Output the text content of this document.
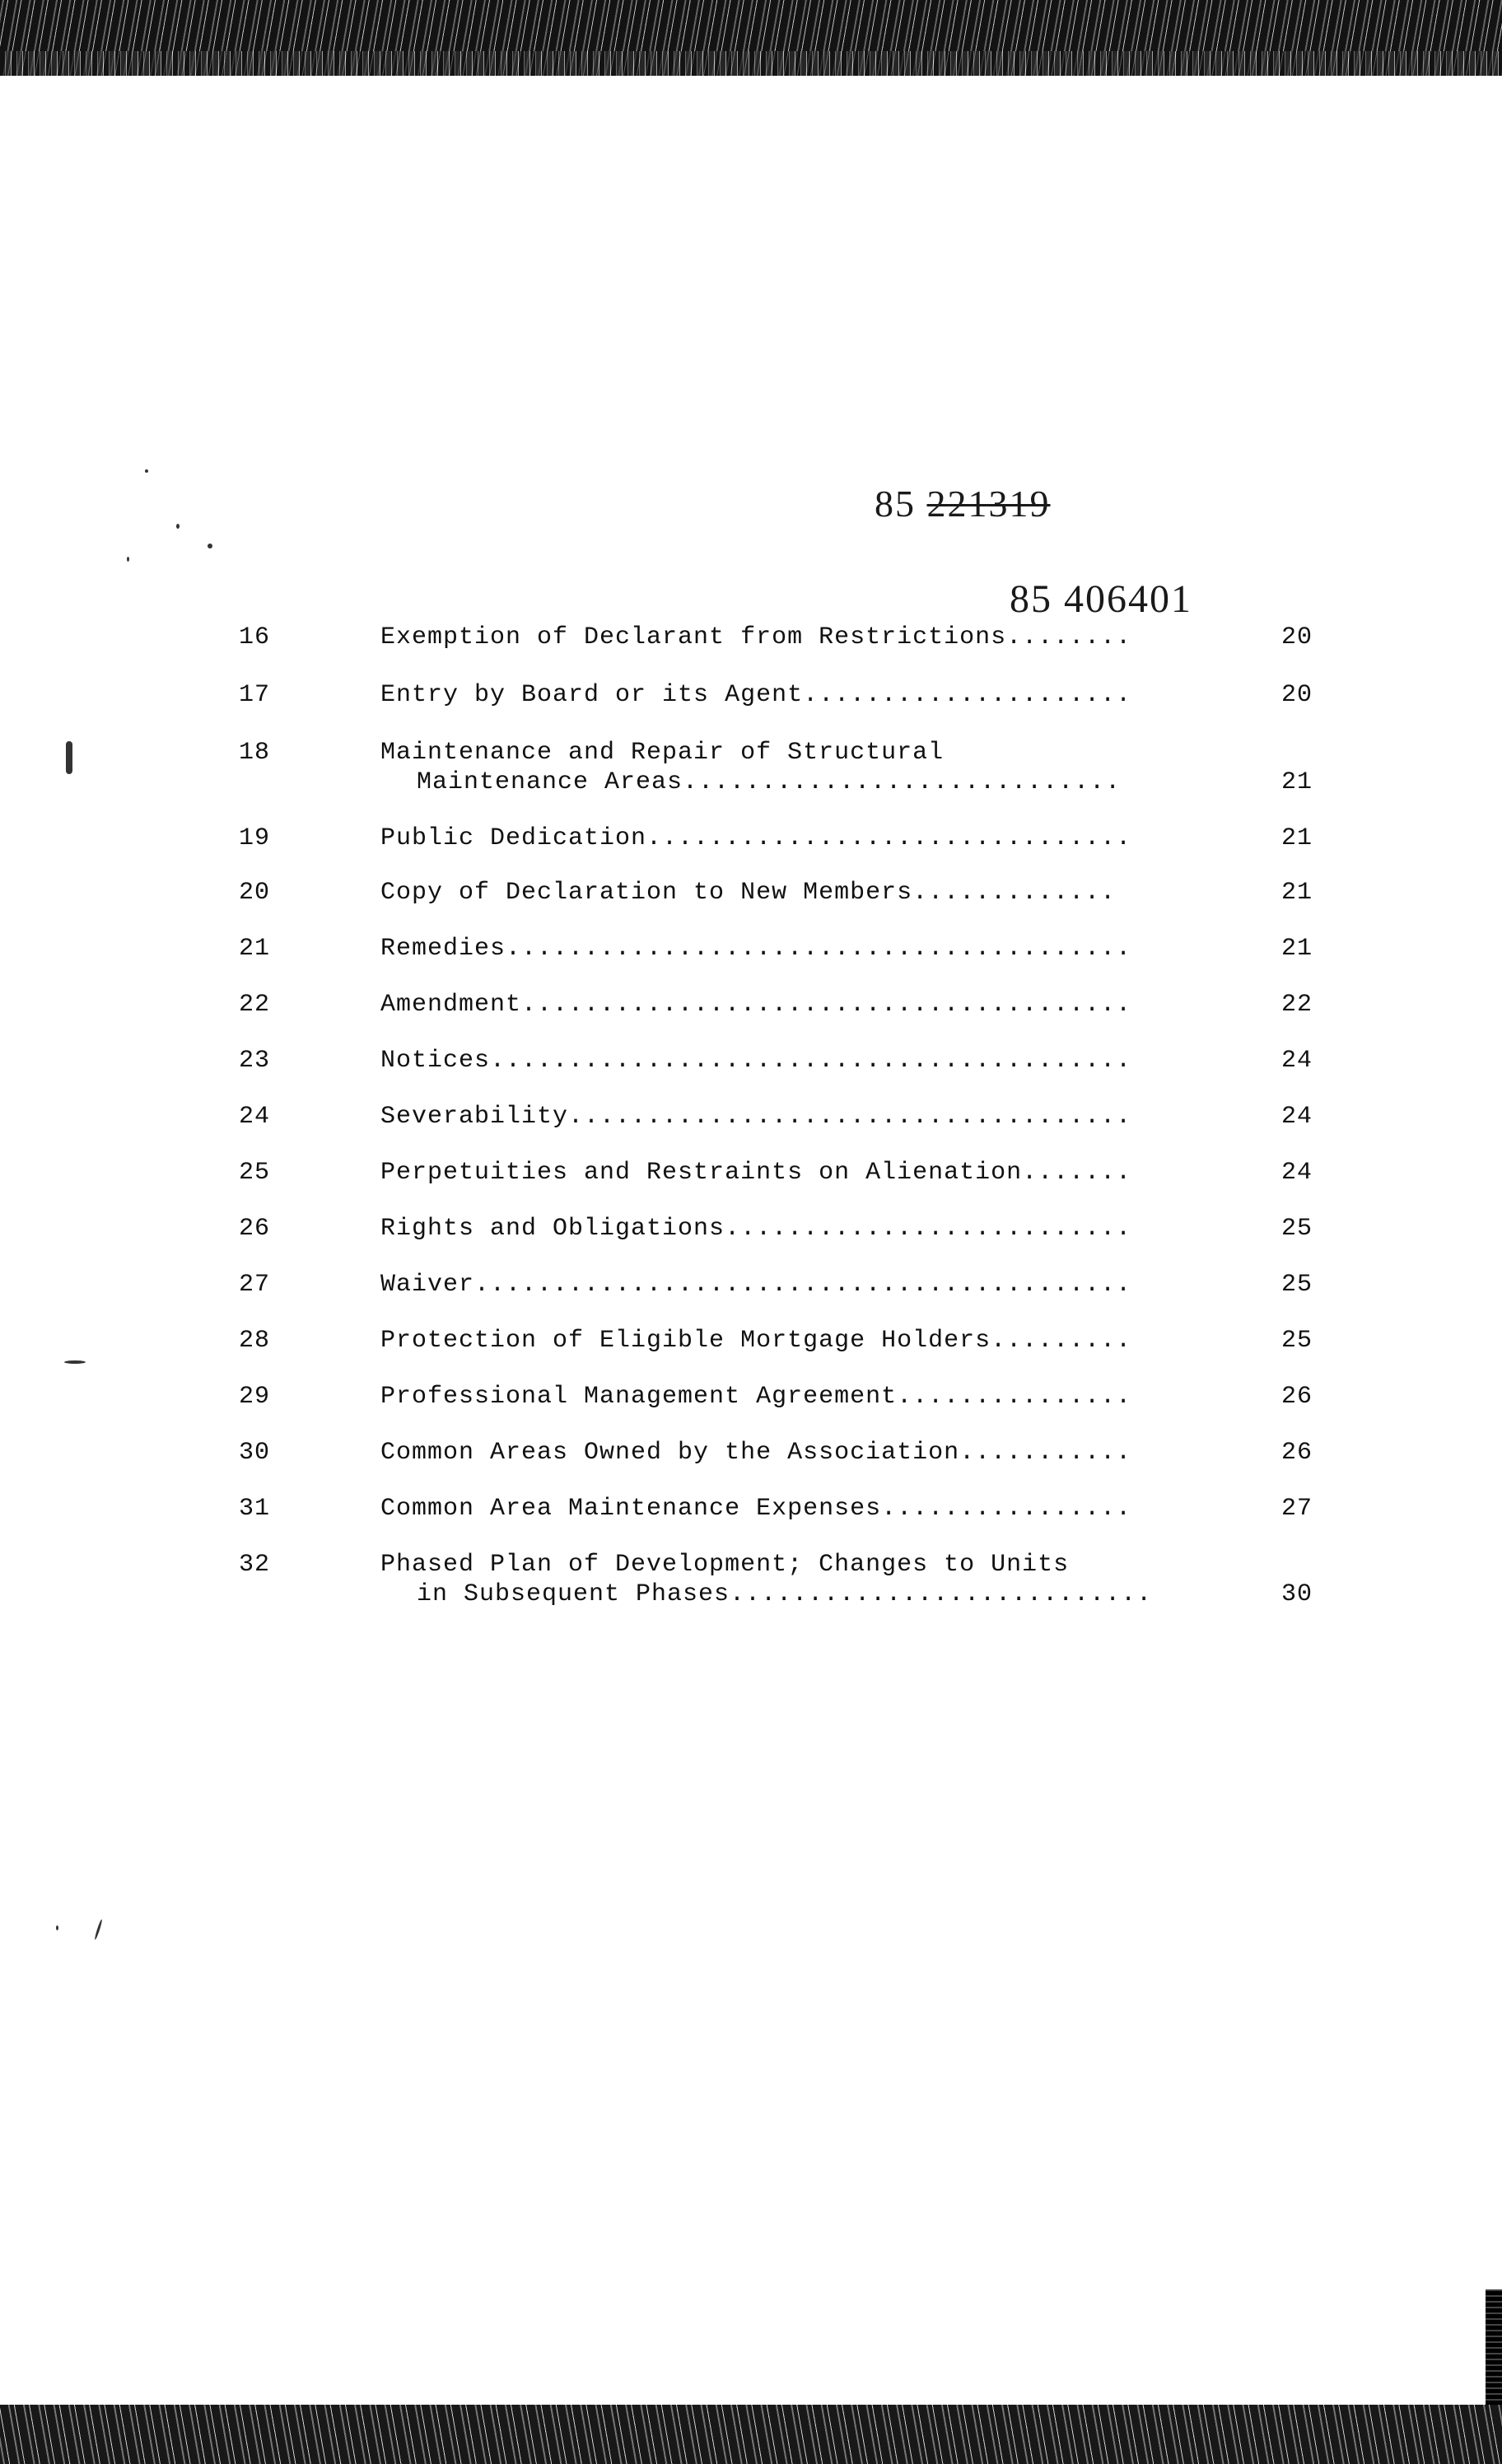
85 221319
85 406401
16	Exemption of Declarant from Restrictions........	20
17	Entry by Board or its Agent.....................	20
18	Maintenance and Repair of Structural
Maintenance Areas............................	21
19	Public Dedication...............................	21
20	Copy of Declaration to New Members.............	21
21	Remedies........................................	21
22	Amendment.......................................	22
23	Notices.........................................	24
24	Severability....................................	24
25	Perpetuities and Restraints on Alienation.......	24
26	Rights and Obligations..........................	25
27	Waiver..........................................	25
28	Protection of Eligible Mortgage Holders.........	25
29	Professional Management Agreement...............	26
30	Common Areas Owned by the Association...........	26
31	Common Area Maintenance Expenses................	27
32	Phased Plan of Development; Changes to Units
in Subsequent Phases...........................	30
